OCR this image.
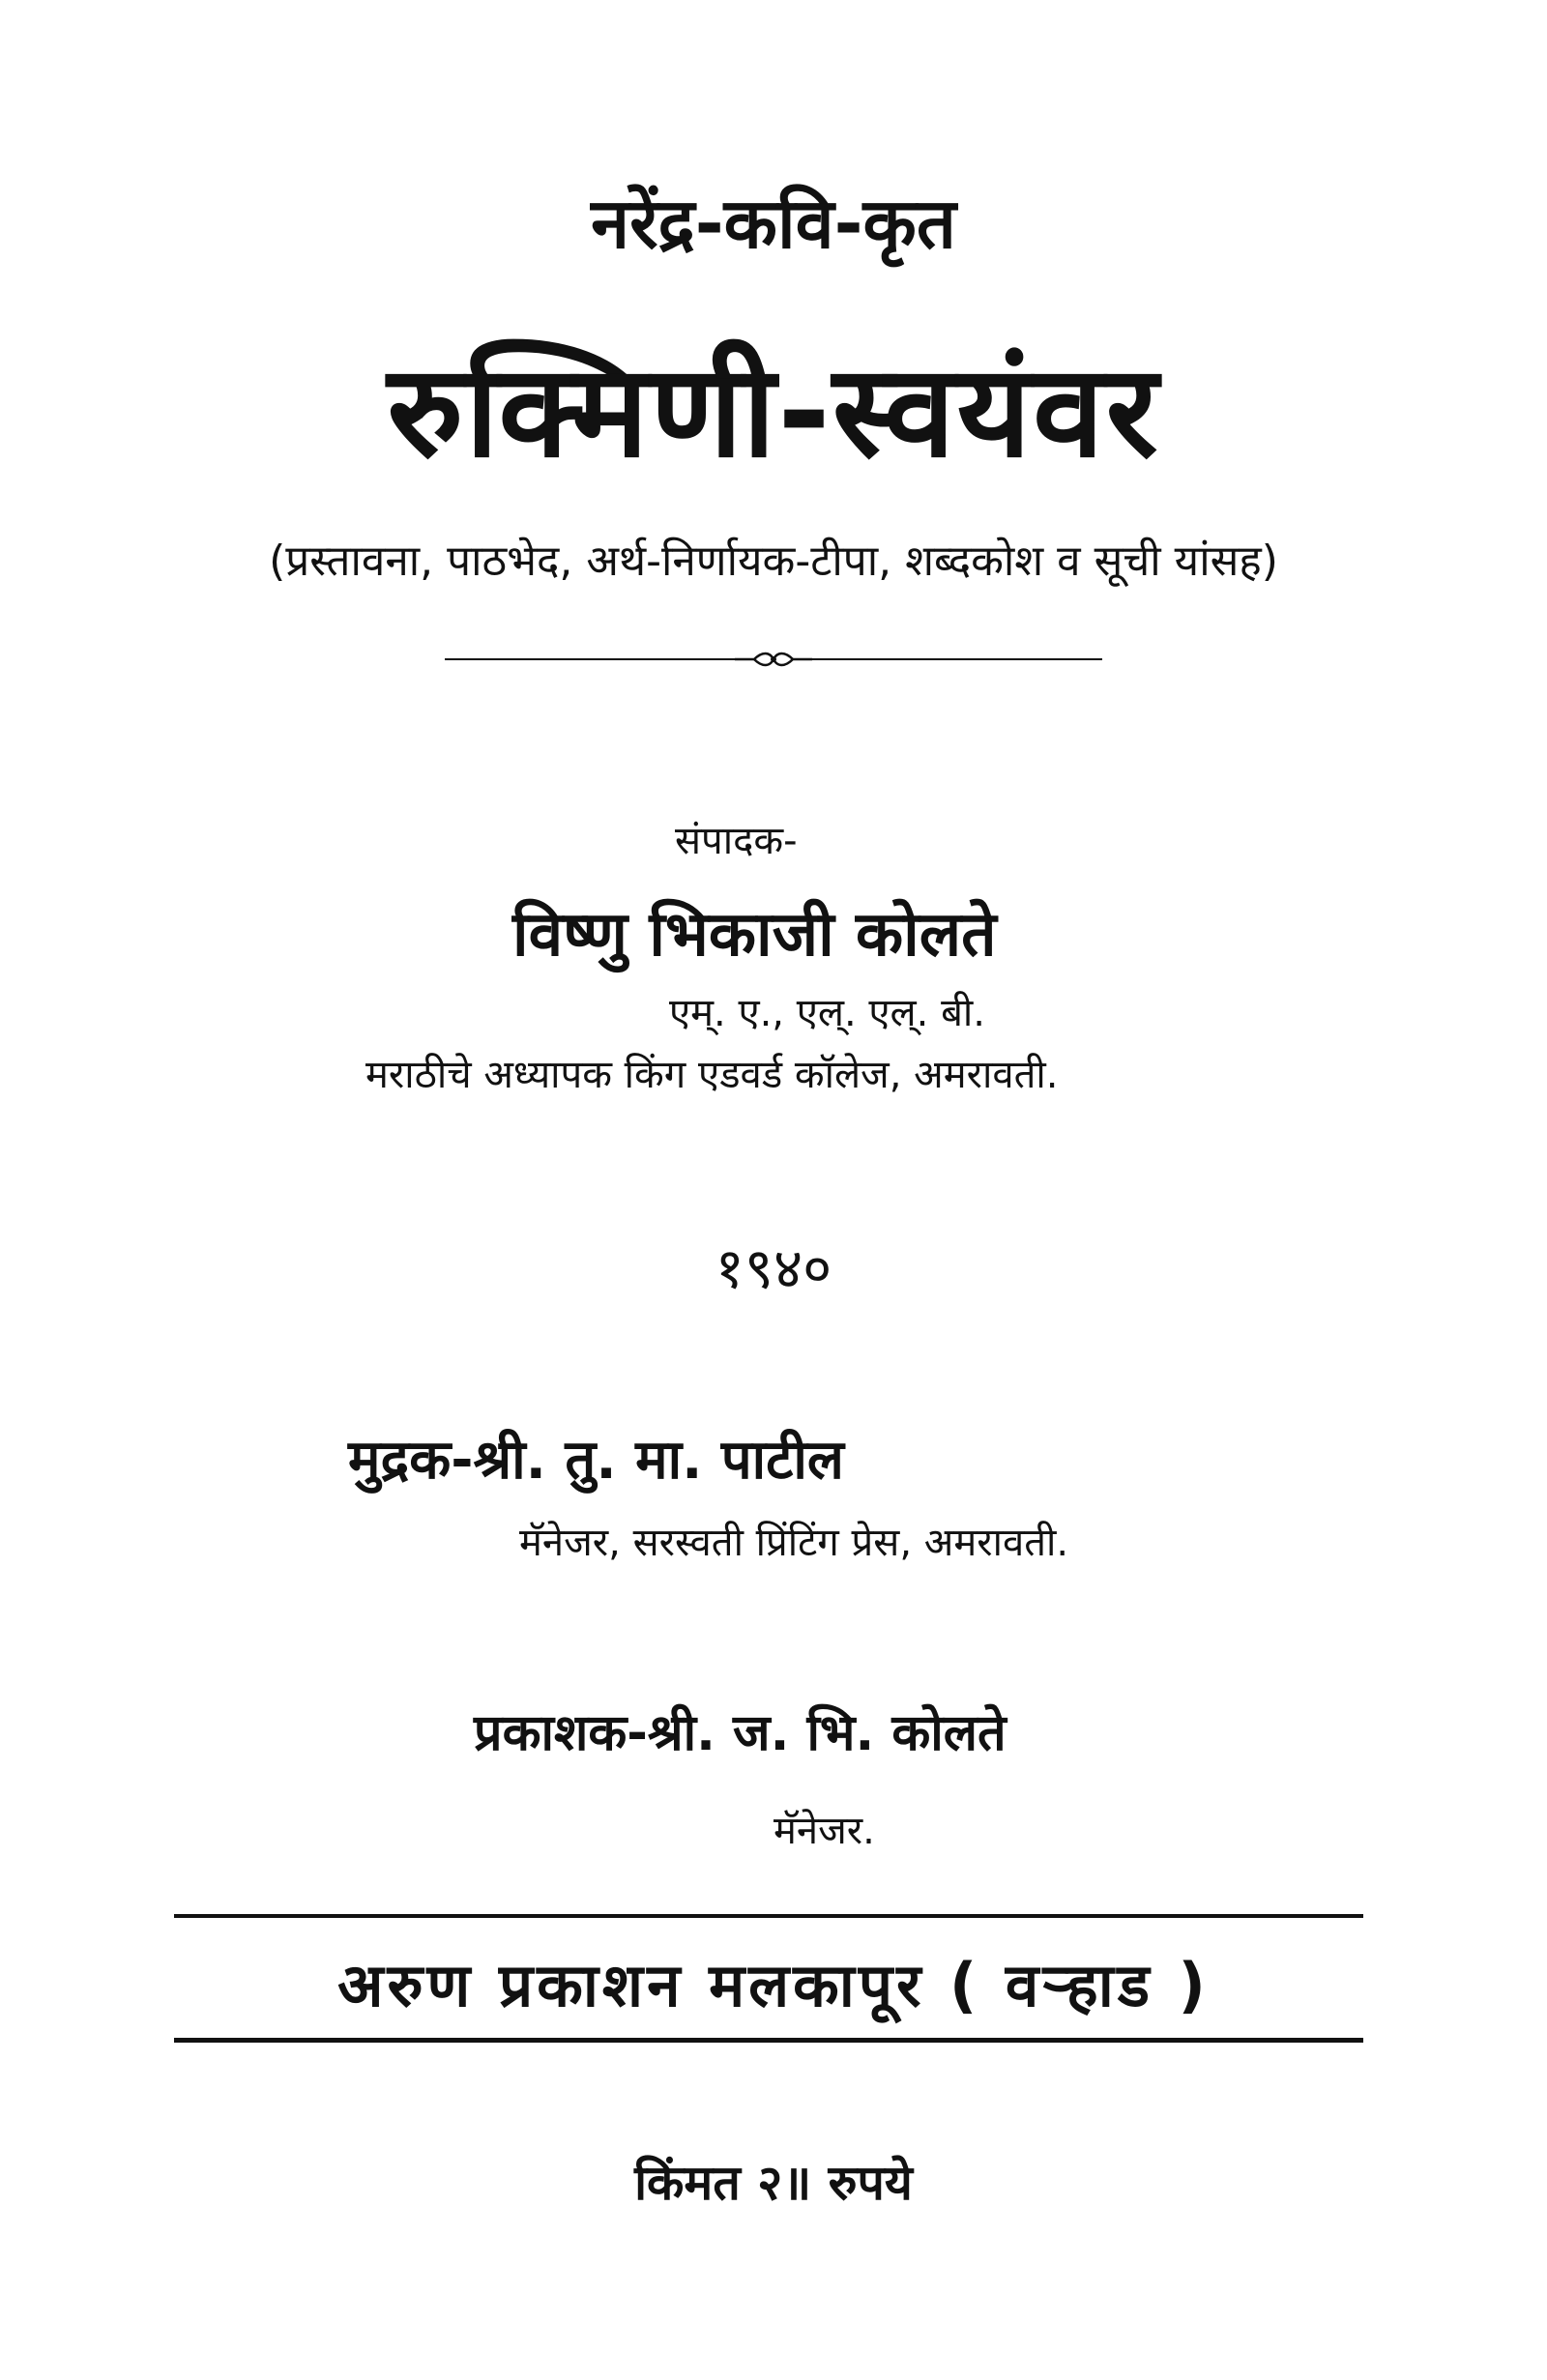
नरेंद्र-कवि-कृत
रुक्मिणी-स्वयंवर
(प्रस्तावना, पाठभेद, अर्थ-निर्णायक-टीपा, शब्दकोश व सूची यांसह)
संपादक-
विष्णु भिकाजी कोलते
एम्. ए., एल्. एल्. बी.
मराठीचे अध्यापक किंग एडवर्ड कॉलेज, अमरावती.
१९४०
मुद्रक-श्री. तु. मा. पाटील
मॅनेजर, सरस्वती प्रिंटिंग प्रेस, अमरावती.
प्रकाशक-श्री. ज. भि. कोलते
मॅनेजर.
अरुण प्रकाशन मलकापूर ( वऱ्हाड )
किंमत २॥ रुपये
